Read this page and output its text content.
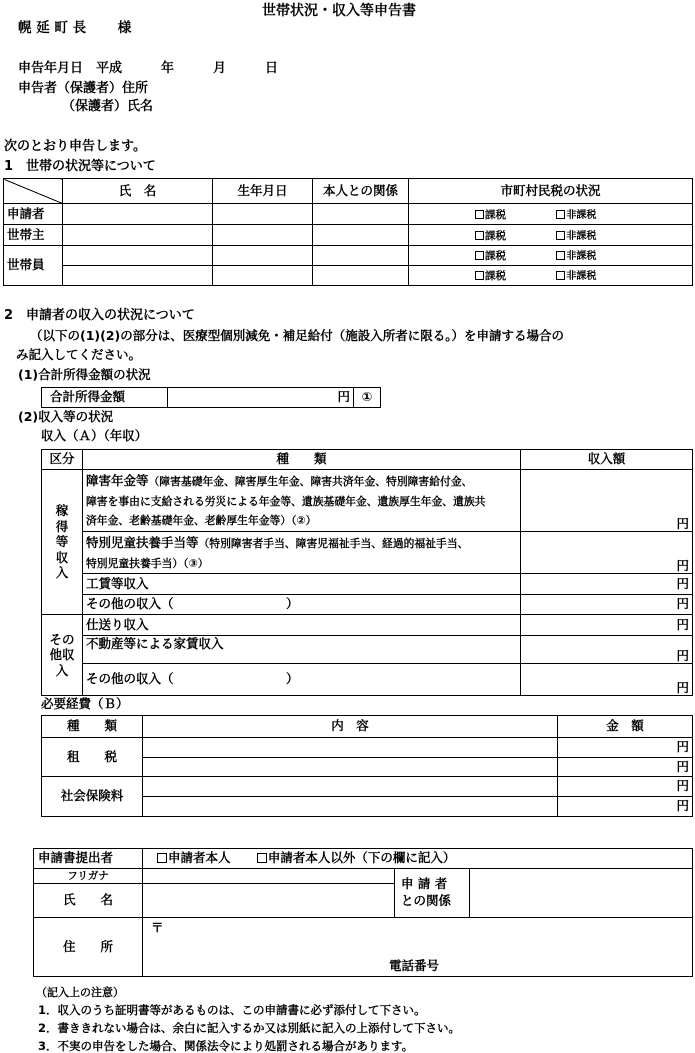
世帯状況・収入等申告書
幌 延 町 長　　 様
申告年月日　平成　　　年　　　月　　　日
申告者（保護者）住所
（保護者）氏名
次のとおり申告します。
1　世帯の状況等について
	氏　名	生年月日	本人との関係	市町村民税の状況
申請者				課税 非課税
世帯主				課税 非課税
世帯員				課税 非課税
				課税 非課税
2　申請者の収入の状況について
（以下の(1)(2)の部分は、医療型個別減免・補足給付（施設入所者に限る。）を申請する場合の
み記入してください。
(1)合計所得金額の状況
合計所得金額	円	①
(2)収入等の状況
収入（Ａ）（年収）
区分	種　　類	収入額
稼得等収入	障害年金等（障害基礎年金、障害厚生年金、障害共済年金、特別障害給付金、
障害を事由に支給される労災による年金等、遺族基礎年金、遺族厚生年金、遺族共
済年金、老齢基礎年金、老齢厚生年金等）（②）	円
	特別児童扶養手当等（特別障害者手当、障害児福祉手当、経過的福祉手当、
特別児童扶養手当）（③）	円
	工賃等収入	円
	その他の収入（　　　　　　　　　）	円
その他収入	仕送り収入	円
	不動産等による家賃収入	円
	その他の収入（　　　　　　　　　）	円
必要経費（Ｂ）
種　　類	内　容	金　額
租　　税		円
		円
社会保険料		円
		円
申請書提出者	申請者本人 申請者本人以外（下の欄に記入）		
フリガナ		申 請 者
との関係	
氏　　名			
住　　所	〒
電話番号		
（記入上の注意）
1．収入のうち証明書等があるものは、この申請書に必ず添付して下さい。
2．書ききれない場合は、余白に記入するか又は別紙に記入の上添付して下さい。
3．不実の申告をした場合、関係法令により処罰される場合があります。
